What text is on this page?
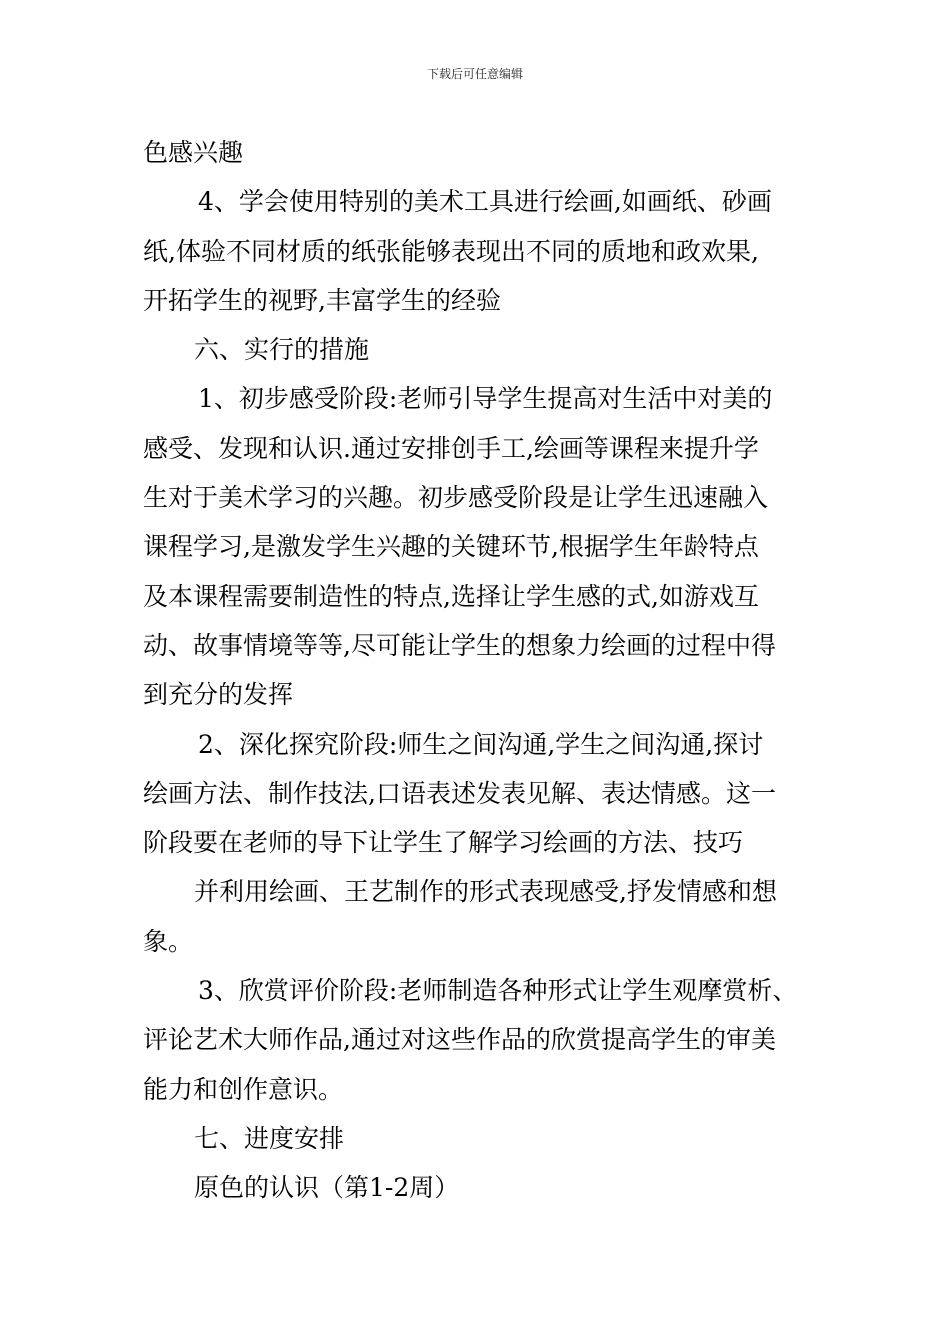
下载后可任意编辑
色感兴趣
4、学会使用特别的美术工具进行绘画,如画纸、砂画
纸,体验不同材质的纸张能够表现出不同的质地和政欢果,
开拓学生的视野,丰富学生的经验
六、实行的措施
1、初步感受阶段:老师引导学生提高对生活中对美的
感受、发现和认识.通过安排创手工,绘画等课程来提升学
生对于美术学习的兴趣。初步感受阶段是让学生迅速融入
课程学习,是激发学生兴趣的关键环节,根据学生年龄特点
及本课程需要制造性的特点,选择让学生感的式,如游戏互
动、故事情境等等,尽可能让学生的想象力绘画的过程中得
到充分的发挥
2、深化探究阶段:师生之间沟通,学生之间沟通,探讨
绘画方法、制作技法,口语表述发表见解、表达情感。这一
阶段要在老师的导下让学生了解学习绘画的方法、技巧
并利用绘画、王艺制作的形式表现感受,抒发情感和想
象。
3、欣赏评价阶段:老师制造各种形式让学生观摩赏析、
评论艺术大师作品,通过对这些作品的欣赏提高学生的审美
能力和创作意识。
七、进度安排
原色的认识（第1-2周）
